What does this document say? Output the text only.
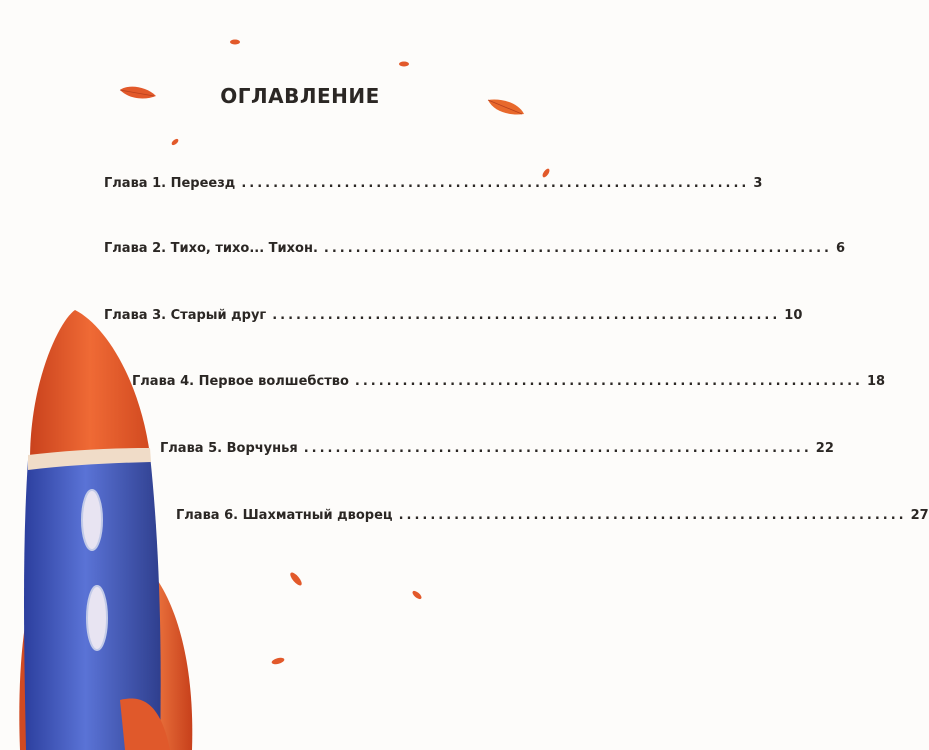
ОГЛАВЛЕНИЕ
Глава 1. Переезд ................................................................ 3
Глава 2. Тихо, тихо... Тихон. ................................................................ 6
Глава 3. Старый друг ................................................................ 10
Глава 4. Первое волшебство ................................................................ 18
Глава 5. Ворчунья ................................................................ 22
Глава 6. Шахматный дворец ................................................................ 27
